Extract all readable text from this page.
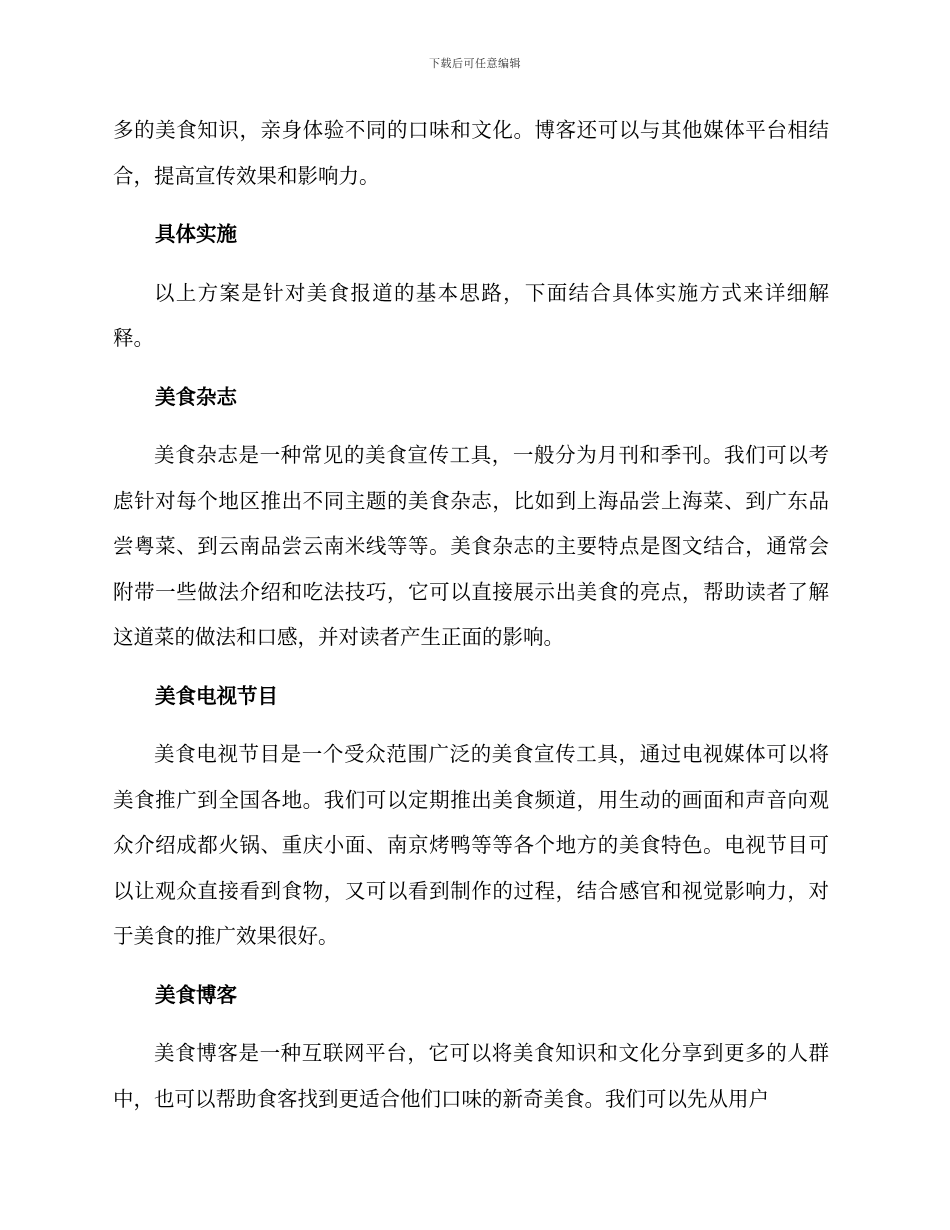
下载后可任意编辑

多的美食知识，亲身体验不同的口味和文化。博客还可以与其他媒体平台相结合，提高宣传效果和影响力。

具体实施

以上方案是针对美食报道的基本思路，下面结合具体实施方式来详细解释。

美食杂志

美食杂志是一种常见的美食宣传工具，一般分为月刊和季刊。我们可以考虑针对每个地区推出不同主题的美食杂志，比如到上海品尝上海菜、到广东品尝粤菜、到云南品尝云南米线等等。美食杂志的主要特点是图文结合，通常会附带一些做法介绍和吃法技巧，它可以直接展示出美食的亮点，帮助读者了解这道菜的做法和口感，并对读者产生正面的影响。

美食电视节目

美食电视节目是一个受众范围广泛的美食宣传工具，通过电视媒体可以将美食推广到全国各地。我们可以定期推出美食频道，用生动的画面和声音向观众介绍成都火锅、重庆小面、南京烤鸭等等各个地方的美食特色。电视节目可以让观众直接看到食物，又可以看到制作的过程，结合感官和视觉影响力，对于美食的推广效果很好。

美食博客

美食博客是一种互联网平台，它可以将美食知识和文化分享到更多的人群中，也可以帮助食客找到更适合他们口味的新奇美食。我们可以先从用户
